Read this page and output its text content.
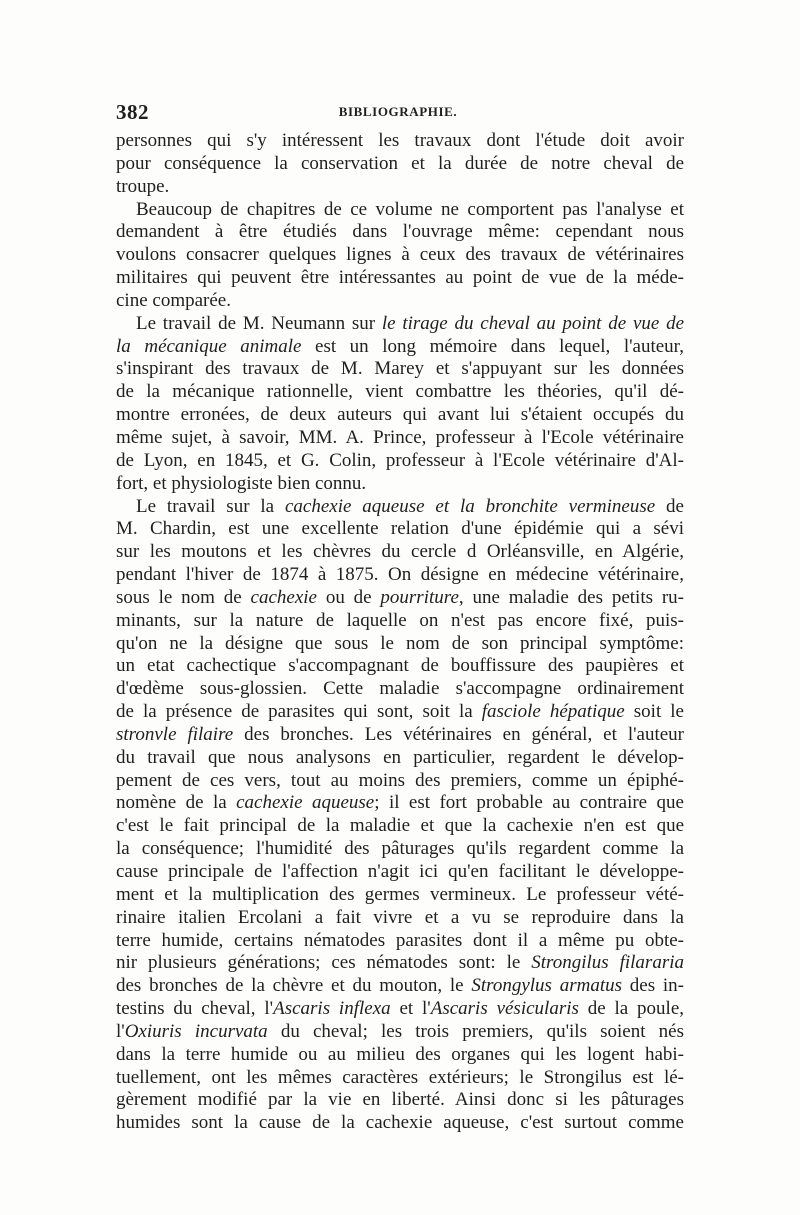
382	BIBLIOGRAPHIE.
personnes qui s'y intéressent les travaux dont l'étude doit avoir
pour conséquence la conservation et la durée de notre cheval de
troupe.
Beaucoup de chapitres de ce volume ne comportent pas l'analyse et
demandent à être étudiés dans l'ouvrage même: cependant nous
voulons consacrer quelques lignes à ceux des travaux de vétérinaires
militaires qui peuvent être intéressantes au point de vue de la méde-
cine comparée.
Le travail de M. Neumann sur le tirage du cheval au point de vue de
la mécanique animale est un long mémoire dans lequel, l'auteur,
s'inspirant des travaux de M. Marey et s'appuyant sur les données
de la mécanique rationnelle, vient combattre les théories, qu'il dé-
montre erronées, de deux auteurs qui avant lui s'étaient occupés du
même sujet, à savoir, MM. A. Prince, professeur à l'Ecole vétérinaire
de Lyon, en 1845, et G. Colin, professeur à l'Ecole vétérinaire d'Al-
fort, et physiologiste bien connu.
Le travail sur la cachexie aqueuse et la bronchite vermineuse de
M. Chardin, est une excellente relation d'une épidémie qui a sévi
sur les moutons et les chèvres du cercle d Orléansville, en Algérie,
pendant l'hiver de 1874 à 1875. On désigne en médecine vétérinaire,
sous le nom de cachexie ou de pourriture, une maladie des petits ru-
minants, sur la nature de laquelle on n'est pas encore fixé, puis-
qu'on ne la désigne que sous le nom de son principal symptôme:
un etat cachectique s'accompagnant de bouffissure des paupières et
d'œdème sous-glossien. Cette maladie s'accompagne ordinairement
de la présence de parasites qui sont, soit la fasciole hépatique soit le
stronvle filaire des bronches. Les vétérinaires en général, et l'auteur
du travail que nous analysons en particulier, regardent le dévelop-
pement de ces vers, tout au moins des premiers, comme un épiphé-
nomène de la cachexie aqueuse; il est fort probable au contraire que
c'est le fait principal de la maladie et que la cachexie n'en est que
la conséquence; l'humidité des pâturages qu'ils regardent comme la
cause principale de l'affection n'agit ici qu'en facilitant le développe-
ment et la multiplication des germes vermineux. Le professeur vété-
rinaire italien Ercolani a fait vivre et a vu se reproduire dans la
terre humide, certains nématodes parasites dont il a même pu obte-
nir plusieurs générations; ces nématodes sont: le Strongilus filararia
des bronches de la chèvre et du mouton, le Strongylus armatus des in-
testins du cheval, l'Ascaris inflexa et l'Ascaris vésicularis de la poule,
l'Oxiuris incurvata du cheval; les trois premiers, qu'ils soient nés
dans la terre humide ou au milieu des organes qui les logent habi-
tuellement, ont les mêmes caractères extérieurs; le Strongilus est lé-
gèrement modifié par la vie en liberté. Ainsi donc si les pâturages
humides sont la cause de la cachexie aqueuse, c'est surtout comme
